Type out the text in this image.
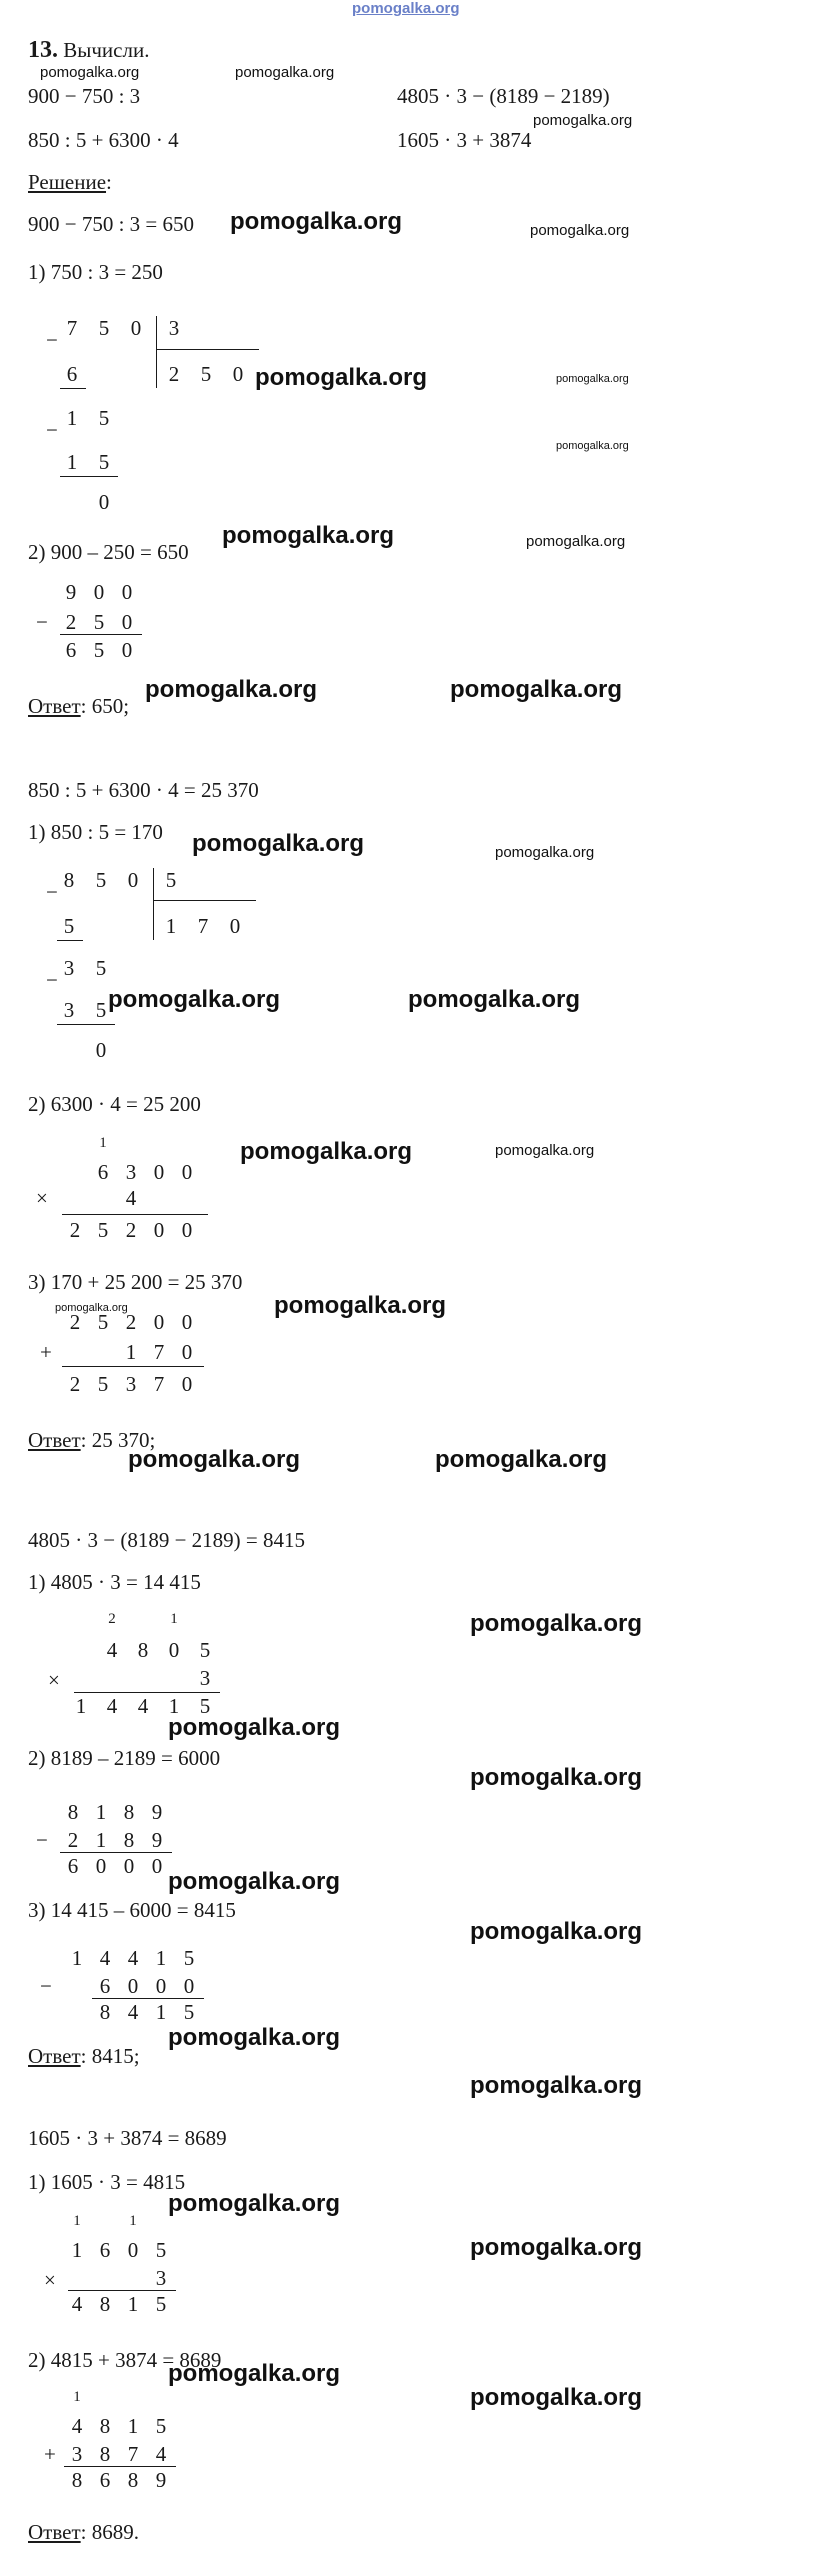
pomogalka.org
13. Вычисли.
pomogalka.org	pomogalka.org
900 − 750 : 3	4805 · 3 − (8189 − 2189)
pomogalka.org
850 : 5 + 6300 · 4	1605 · 3 + 3874
Решение:
900 − 750 : 3 = 650 pomogalka.org	pomogalka.org
1) 750 : 3 = 250
− 7 5 0 3
6	2 5 0
− 1 5
1 5
0
pomogalka.org	pomogalka.org
pomogalka.org
2) 900 – 250 = 650
pomogalka.org	pomogalka.org
9 0 0
− 2 5 0
6 5 0
Ответ: 650;
pomogalka.org	pomogalka.org
850 : 5 + 6300 · 4 = 25 370
1) 850 : 5 = 170 pomogalka.org	pomogalka.org
− 8 5 0 5
5	1 7 0
− 3 5
3 5
0
pomogalka.org	pomogalka.org
2) 6300 · 4 = 25 200
1
6 3 0 0
×	4
2 5 2 0 0
pomogalka.org	pomogalka.org
3) 170 + 25 200 = 25 370
pomogalka.org
pomogalka.org
2 5 2 0 0
+	1 7 0
2 5 3 7 0
Ответ: 25 370;
pomogalka.org	pomogalka.org
4805 · 3 − (8189 − 2189) = 8415
1) 4805 · 3 = 14 415
2	1
4 8 0 5
×	3
1 4 4 1 5
pomogalka.org
pomogalka.org
2) 8189 – 2189 = 6000
pomogalka.org
8 1 8 9
− 2 1 8 9
6 0 0 0
pomogalka.org
3) 14 415 – 6000 = 8415
pomogalka.org
1 4 4 1 5
− 6 0 0 0
8 4 1 5
Ответ: 8415;
pomogalka.org
pomogalka.org
1605 · 3 + 3874 = 8689
1) 1605 · 3 = 4815
pomogalka.org
1	1
1 6 0 5
×	3
4 8 1 5
pomogalka.org
2) 4815 + 3874 = 8689
pomogalka.org
1
4 8 1 5
+ 3 8 7 4
8 6 8 9
pomogalka.org
Ответ: 8689.
